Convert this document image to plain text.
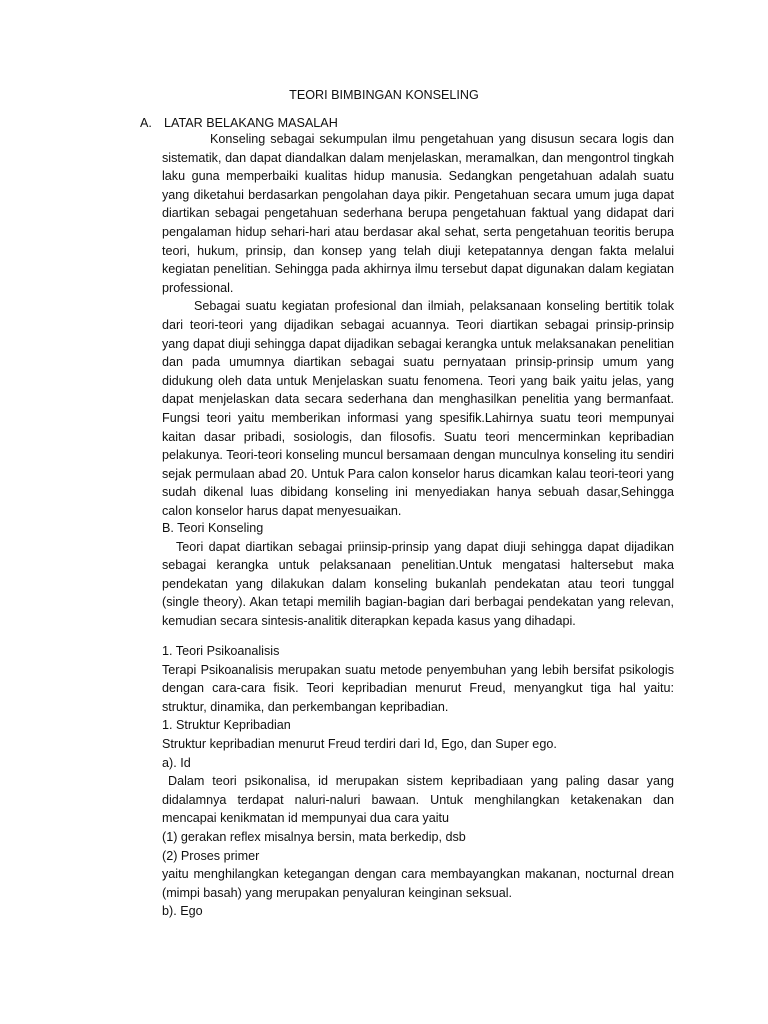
TEORI BIMBINGAN KONSELING
A. LATAR BELAKANG MASALAH

Konseling sebagai sekumpulan ilmu pengetahuan yang disusun secara logis dan sistematik, dan dapat diandalkan dalam menjelaskan, meramalkan, dan mengontrol tingkah laku guna memperbaiki kualitas hidup manusia. Sedangkan pengetahuan adalah suatu yang diketahui berdasarkan pengolahan daya pikir. Pengetahuan secara umum juga dapat diartikan sebagai pengetahuan sederhana berupa pengetahuan faktual yang didapat dari pengalaman hidup sehari-hari atau berdasar akal sehat, serta pengetahuan teoritis berupa teori, hukum, prinsip, dan konsep yang telah diuji ketepatannya dengan fakta melalui kegiatan penelitian. Sehingga pada akhirnya ilmu tersebut dapat digunakan dalam kegiatan professional.

Sebagai suatu kegiatan profesional dan ilmiah, pelaksanaan konseling bertitik tolak dari teori-teori yang dijadikan sebagai acuannya. Teori diartikan sebagai prinsip-prinsip yang dapat diuji sehingga dapat dijadikan sebagai kerangka untuk melaksanakan penelitian dan pada umumnya diartikan sebagai suatu pernyataan prinsip-prinsip umum yang didukung oleh data untuk Menjelaskan suatu fenomena. Teori yang baik yaitu jelas, yang dapat menjelaskan data secara sederhana dan menghasilkan penelitia yang bermanfaat. Fungsi teori yaitu memberikan informasi yang spesifik.Lahirnya suatu teori mempunyai kaitan dasar pribadi, sosiologis, dan filosofis. Suatu teori mencerminkan kepribadian pelakunya. Teori-teori konseling muncul bersamaan dengan munculnya konseling itu sendiri sejak permulaan abad 20. Untuk Para calon konselor harus dicamkan kalau teori-teori yang sudah dikenal luas dibidang konseling ini menyediakan hanya sebuah dasar,Sehingga calon konselor harus dapat menyesuaikan.

B. Teori Konseling

Teori dapat diartikan sebagai priinsip-prinsip yang dapat diuji sehingga dapat dijadikan sebagai kerangka untuk pelaksanaan penelitian.Untuk mengatasi haltersebut maka pendekatan yang dilakukan dalam konseling bukanlah pendekatan atau teori tunggal (single theory). Akan tetapi memilih bagian-bagian dari berbagai pendekatan yang relevan, kemudian secara sintesis-analitik diterapkan kepada kasus yang dihadapi.

1. Teori Psikoanalisis

Terapi Psikoanalisis merupakan suatu metode penyembuhan yang lebih bersifat psikologis dengan cara-cara fisik. Teori kepribadian menurut Freud, menyangkut tiga hal yaitu: struktur, dinamika, dan perkembangan kepribadian.

1. Struktur Kepribadian
Struktur kepribadian menurut Freud terdiri dari Id, Ego, dan Super ego.
a). Id

Dalam teori psikonalisa, id merupakan sistem kepribadiaan yang paling dasar yang didalamnya terdapat naluri-naluri bawaan. Untuk menghilangkan ketakenakan dan mencapai kenikmatan id mempunyai dua cara yaitu

(1) gerakan reflex misalnya bersin, mata berkedip, dsb
(2) Proses primer

yaitu menghilangkan ketegangan dengan cara membayangkan makanan, nocturnal drean (mimpi basah) yang merupakan penyaluran keinginan seksual.

b). Ego
